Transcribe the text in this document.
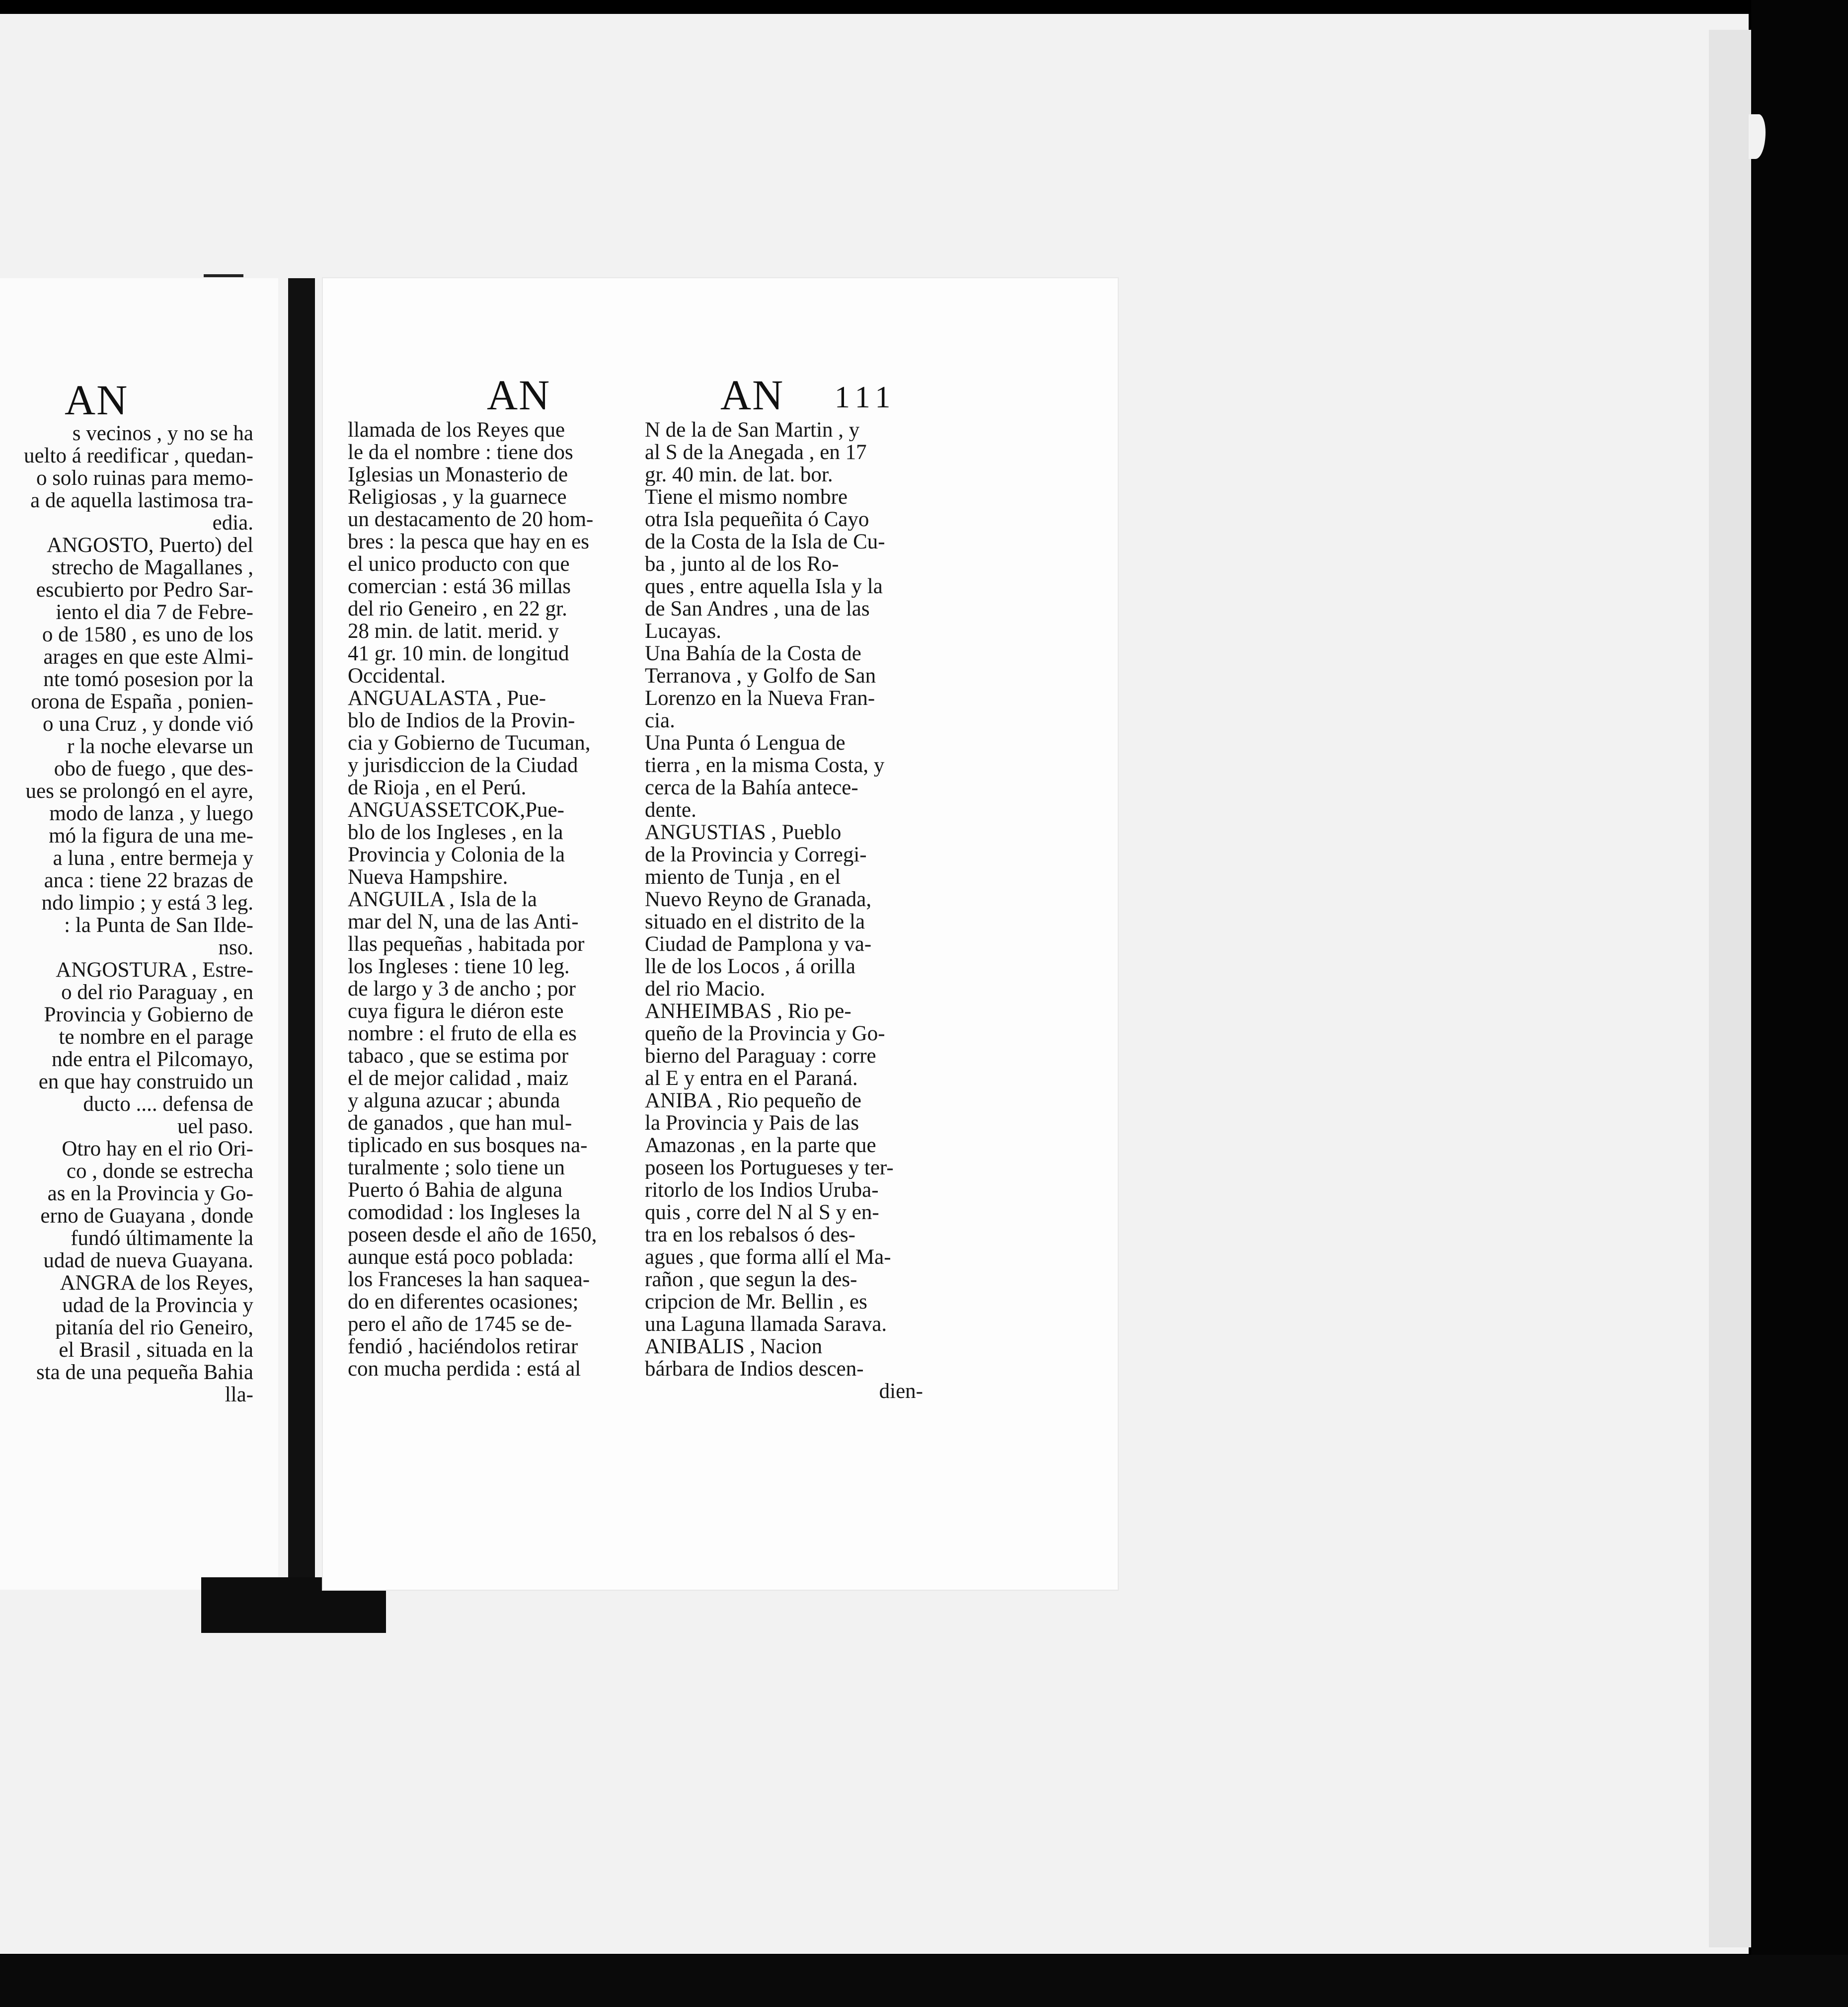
AN
s vecinos , y no se ha
uelto á reedificar , quedan-
o solo ruinas para memo-
a de aquella lastimosa tra-
edia.
ANGOSTO, Puerto) del
strecho de Magallanes ,
escubierto por Pedro Sar-
iento el dia 7 de Febre-
o de 1580 , es uno de los
arages en que este Almi-
nte tomó posesion por la
orona de España , ponien-
o una Cruz , y donde vió
r la noche elevarse un
obo de fuego , que des-
ues se prolongó en el ayre,
modo de lanza , y luego
mó la figura de una me-
a luna , entre bermeja y
anca : tiene 22 brazas de
ndo limpio ; y está 3 leg.
: la Punta de San Ilde-
nso.
ANGOSTURA , Estre-
o del rio Paraguay , en
Provincia y Gobierno de
te nombre en el parage
nde entra el Pilcomayo,
en que hay construido un
ducto .... defensa de
uel paso.
Otro hay en el rio Ori-
co , donde se estrecha
as en la Provincia y Go-
erno de Guayana , donde
fundó últimamente la
udad de nueva Guayana.
ANGRA de los Reyes,
udad de la Provincia y
pitanía del rio Geneiro,
el Brasil , situada en la
sta de una pequeña Bahia
lla-
AN	AN 111
llamada de los Reyes que
le da el nombre : tiene dos
Iglesias un Monasterio de
Religiosas , y la guarnece
un destacamento de 20 hom-
bres : la pesca que hay en es
el unico producto con que
comercian : está 36 millas
del rio Geneiro , en 22 gr.
28 min. de latit. merid. y
41 gr. 10 min. de longitud
Occidental.
ANGUALASTA , Pue-
blo de Indios de la Provin-
cia y Gobierno de Tucuman,
y jurisdiccion de la Ciudad
de Rioja , en el Perú.
ANGUASSETCOK,Pue-
blo de los Ingleses , en la
Provincia y Colonia de la
Nueva Hampshire.
ANGUILA , Isla de la
mar del N, una de las Anti-
llas pequeñas , habitada por
los Ingleses : tiene 10 leg.
de largo y 3 de ancho ; por
cuya figura le diéron este
nombre : el fruto de ella es
tabaco , que se estima por
el de mejor calidad , maiz
y alguna azucar ; abunda
de ganados , que han mul-
tiplicado en sus bosques na-
turalmente ; solo tiene un
Puerto ó Bahia de alguna
comodidad : los Ingleses la
poseen desde el año de 1650,
aunque está poco poblada:
los Franceses la han saquea-
do en diferentes ocasiones;
pero el año de 1745 se de-
fendió , haciéndolos retirar
con mucha perdida : está al
N de la de San Martin , y
al S de la Anegada , en 17
gr. 40 min. de lat. bor.
Tiene el mismo nombre
otra Isla pequeñita ó Cayo
de la Costa de la Isla de Cu-
ba , junto al de los Ro-
ques , entre aquella Isla y la
de San Andres , una de las
Lucayas.
Una Bahía de la Costa de
Terranova , y Golfo de San
Lorenzo en la Nueva Fran-
cia.
Una Punta ó Lengua de
tierra , en la misma Costa, y
cerca de la Bahía antece-
dente.
ANGUSTIAS , Pueblo
de la Provincia y Corregi-
miento de Tunja , en el
Nuevo Reyno de Granada,
situado en el distrito de la
Ciudad de Pamplona y va-
lle de los Locos , á orilla
del rio Macio.
ANHEIMBAS , Rio pe-
queño de la Provincia y Go-
bierno del Paraguay : corre
al E y entra en el Paraná.
ANIBA , Rio pequeño de
la Provincia y Pais de las
Amazonas , en la parte que
poseen los Portugueses y ter-
ritorlo de los Indios Uruba-
quis , corre del N al S y en-
tra en los rebalsos ó des-
agues , que forma allí el Ma-
rañon , que segun la des-
cripcion de Mr. Bellin , es
una Laguna llamada Sarava.
ANIBALIS , Nacion
bárbara de Indios descen-
dien-
